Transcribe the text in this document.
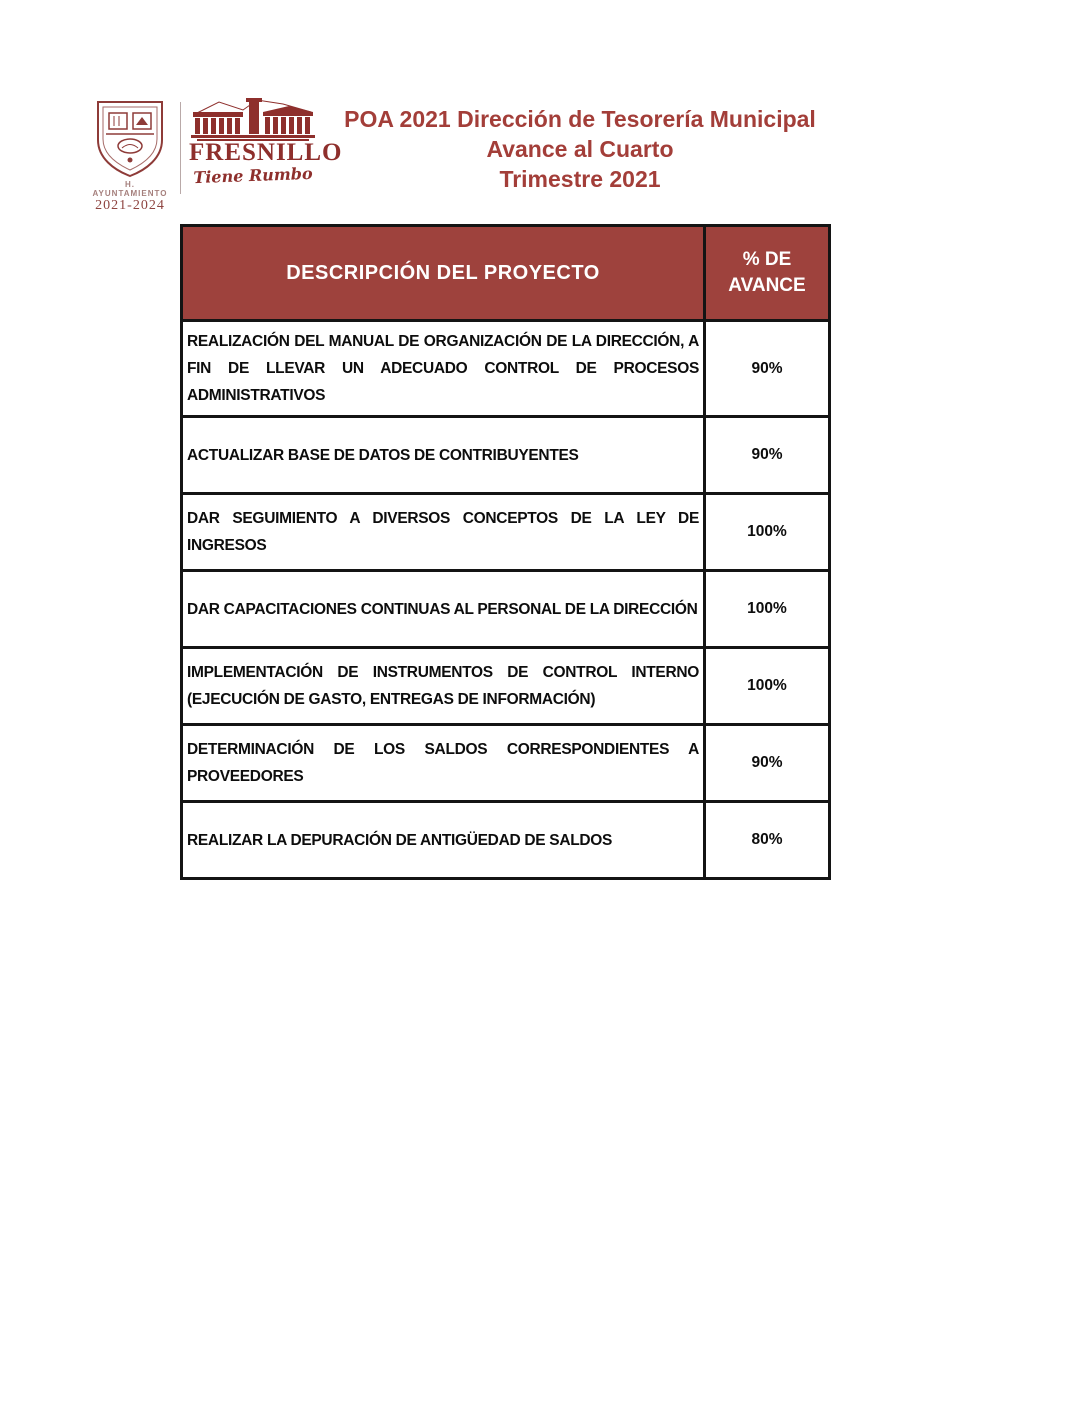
H. AYUNTAMIENTO
2021-2024
FRESNILLO
Tiene Rumbo
POA 2021 Dirección de Tesorería Municipal
Avance al Cuarto
Trimestre 2021
DESCRIPCIÓN DEL PROYECTO	% DE AVANCE
REALIZACIÓN DEL MANUAL DE ORGANIZACIÓN DE LA DIRECCIÓN, A FIN DE LLEVAR UN ADECUADO CONTROL DE PROCESOS ADMINISTRATIVOS	90%
ACTUALIZAR BASE DE DATOS DE CONTRIBUYENTES	90%
DAR SEGUIMIENTO A DIVERSOS CONCEPTOS DE LA LEY DE INGRESOS	100%
DAR CAPACITACIONES CONTINUAS AL PERSONAL DE LA DIRECCIÓN	100%
IMPLEMENTACIÓN DE INSTRUMENTOS DE CONTROL INTERNO (EJECUCIÓN DE GASTO, ENTREGAS DE INFORMACIÓN)	100%
DETERMINACIÓN DE LOS SALDOS CORRESPONDIENTES A PROVEEDORES	90%
REALIZAR LA DEPURACIÓN DE ANTIGÜEDAD DE SALDOS	80%
